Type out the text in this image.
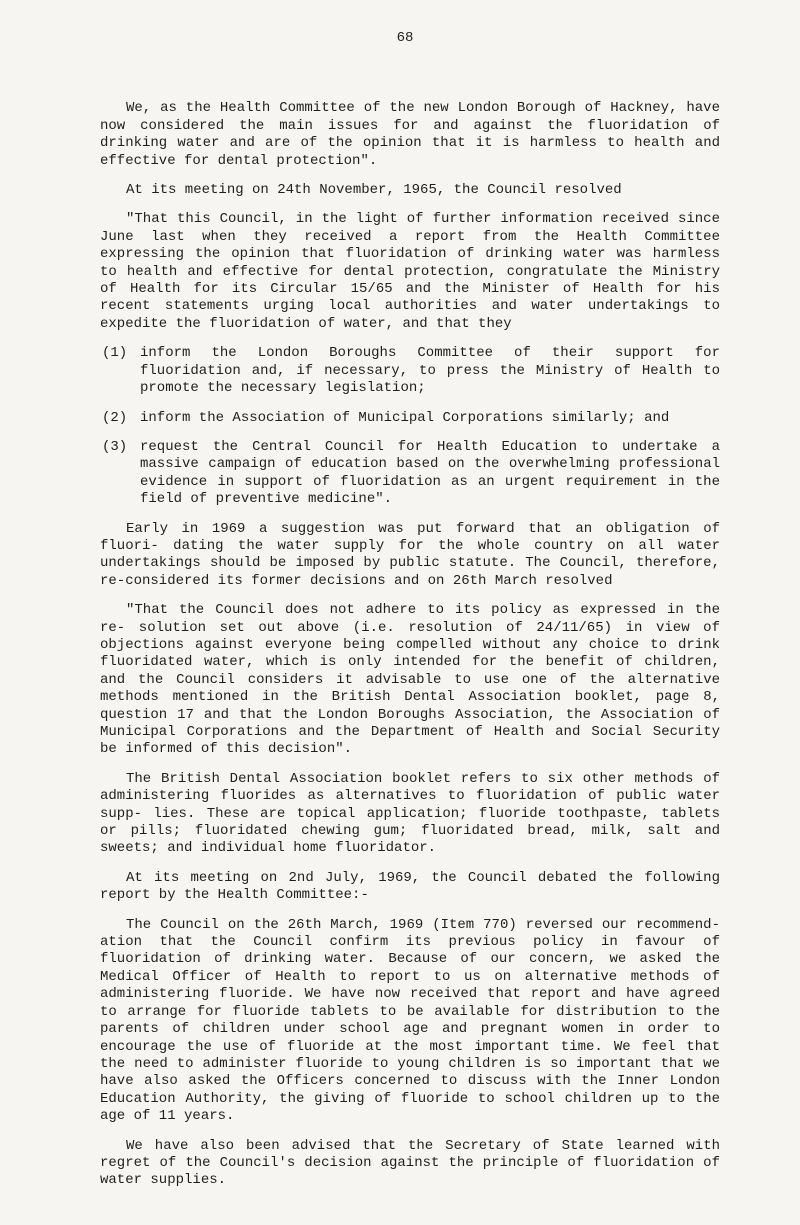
68

We, as the Health Committee of the new London Borough of Hackney, have now considered the main issues for and against the fluoridation of drinking water and are of the opinion that it is harmless to health and effective for dental protection".

At its meeting on 24th November, 1965, the Council resolved

"That this Council, in the light of further information received since June last when they received a report from the Health Committee expressing the opinion that fluoridation of drinking water was harmless to health and effective for dental protection, congratulate the Ministry of Health for its Circular 15/65 and the Minister of Health for his recent statements urging local authorities and water undertakings to expedite the fluoridation of water, and that they

(1) inform the London Boroughs Committee of their support for fluoridation and, if necessary, to press the Ministry of Health to promote the necessary legislation;
(2) inform the Association of Municipal Corporations similarly; and
(3) request the Central Council for Health Education to undertake a massive campaign of education based on the overwhelming professional evidence in support of fluoridation as an urgent requirement in the field of preventive medicine".

Early in 1969 a suggestion was put forward that an obligation of fluori- dating the water supply for the whole country on all water undertakings should be imposed by public statute. The Council, therefore, re-considered its former decisions and on 26th March resolved

"That the Council does not adhere to its policy as expressed in the re- solution set out above (i.e. resolution of 24/11/65) in view of objections against everyone being compelled without any choice to drink fluoridated water, which is only intended for the benefit of children, and the Council considers it advisable to use one of the alternative methods mentioned in the British Dental Association booklet, page 8, question 17 and that the London Boroughs Association, the Association of Municipal Corporations and the Department of Health and Social Security be informed of this decision".

The British Dental Association booklet refers to six other methods of administering fluorides as alternatives to fluoridation of public water supp- lies. These are topical application; fluoride toothpaste, tablets or pills; fluoridated chewing gum; fluoridated bread, milk, salt and sweets; and individual home fluoridator.

At its meeting on 2nd July, 1969, the Council debated the following report by the Health Committee:-

The Council on the 26th March, 1969 (Item 770) reversed our recommend- ation that the Council confirm its previous policy in favour of fluoridation of drinking water. Because of our concern, we asked the Medical Officer of Health to report to us on alternative methods of administering fluoride. We have now received that report and have agreed to arrange for fluoride tablets to be available for distribution to the parents of children under school age and pregnant women in order to encourage the use of fluoride at the most important time. We feel that the need to administer fluoride to young children is so important that we have also asked the Officers concerned to discuss with the Inner London Education Authority, the giving of fluoride to school children up to the age of 11 years.

We have also been advised that the Secretary of State learned with regret of the Council's decision against the principle of fluoridation of water supplies.
